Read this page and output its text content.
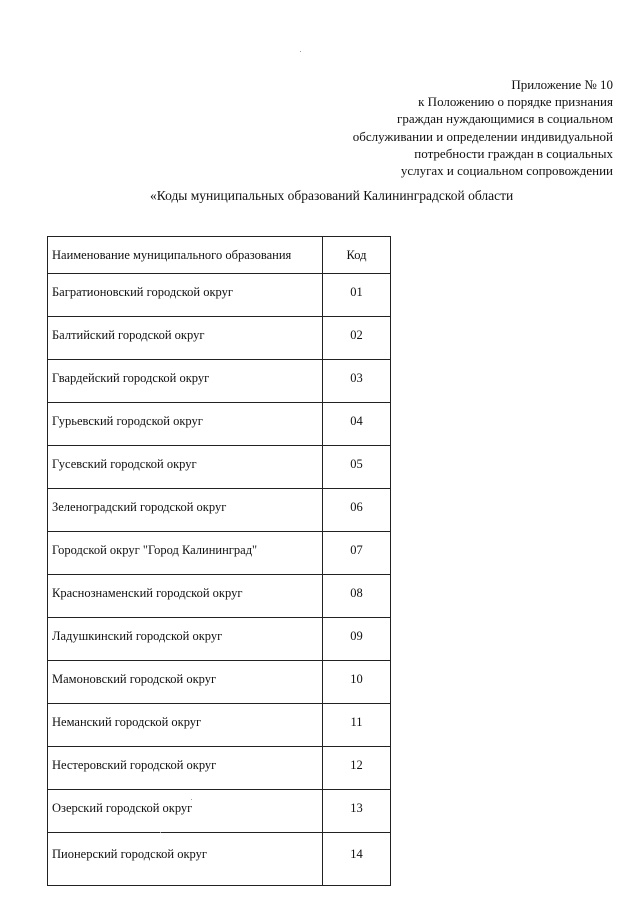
Приложение № 10
к Положению о порядке признания
граждан нуждающимися в социальном
обслуживании и определении индивидуальной
потребности граждан в социальных
услугах и социальном сопровождении
«Коды муниципальных образований Калининградской области
Наименование муниципального образования	Код
Багратионовский городской округ	01
Балтийский городской округ	02
Гвардейский городской округ	03
Гурьевский городской округ	04
Гусевский городской округ	05
Зеленоградский городской округ	06
Городской округ "Город Калининград"	07
Краснознаменский городской округ	08
Ладушкинский городской округ	09
Мамоновский городской округ	10
Неманский городской округ	11
Нестеровский городской округ	12
Озерский городской округ	13
Пионерский городской округ	14
